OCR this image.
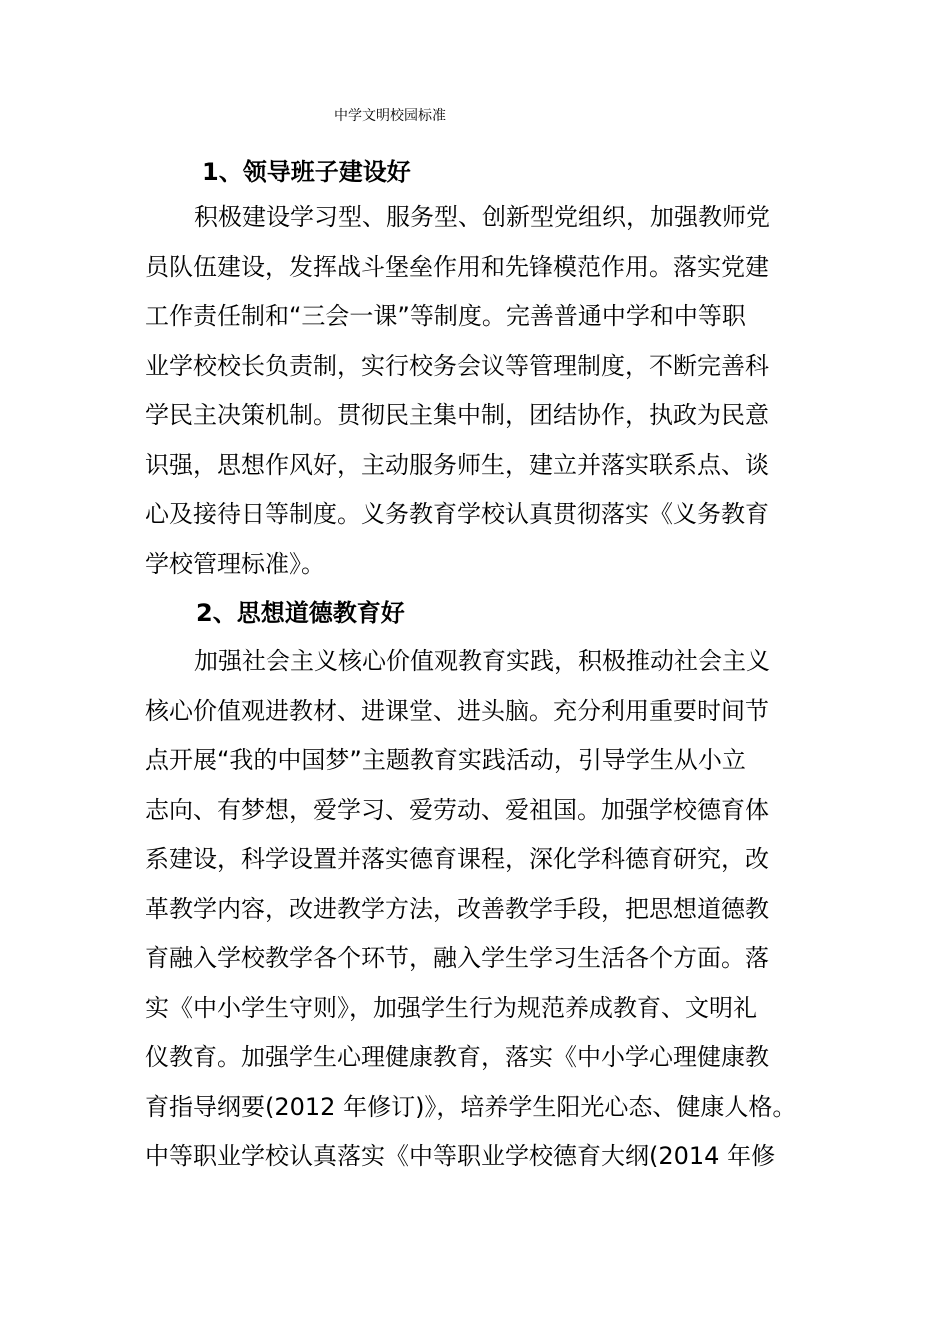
中学文明校园标准
1、领导班子建设好
积极建设学习型、服务型、创新型党组织，加强教师党
员队伍建设，发挥战斗堡垒作用和先锋模范作用。落实党建
工作责任制和“三会一课”等制度。完善普通中学和中等职
业学校校长负责制，实行校务会议等管理制度，不断完善科
学民主决策机制。贯彻民主集中制，团结协作，执政为民意
识强，思想作风好，主动服务师生，建立并落实联系点、谈
心及接待日等制度。义务教育学校认真贯彻落实《义务教育
学校管理标准》。
2、思想道德教育好
加强社会主义核心价值观教育实践，积极推动社会主义
核心价值观进教材、进课堂、进头脑。充分利用重要时间节
点开展“我的中国梦”主题教育实践活动，引导学生从小立
志向、有梦想，爱学习、爱劳动、爱祖国。加强学校德育体
系建设，科学设置并落实德育课程，深化学科德育研究，改
革教学内容，改进教学方法，改善教学手段，把思想道德教
育融入学校教学各个环节，融入学生学习生活各个方面。落
实《中小学生守则》，加强学生行为规范养成教育、文明礼
仪教育。加强学生心理健康教育，落实《中小学心理健康教
育指导纲要(2012 年修订)》，培养学生阳光心态、健康人格。
中等职业学校认真落实《中等职业学校德育大纲(2014 年修
